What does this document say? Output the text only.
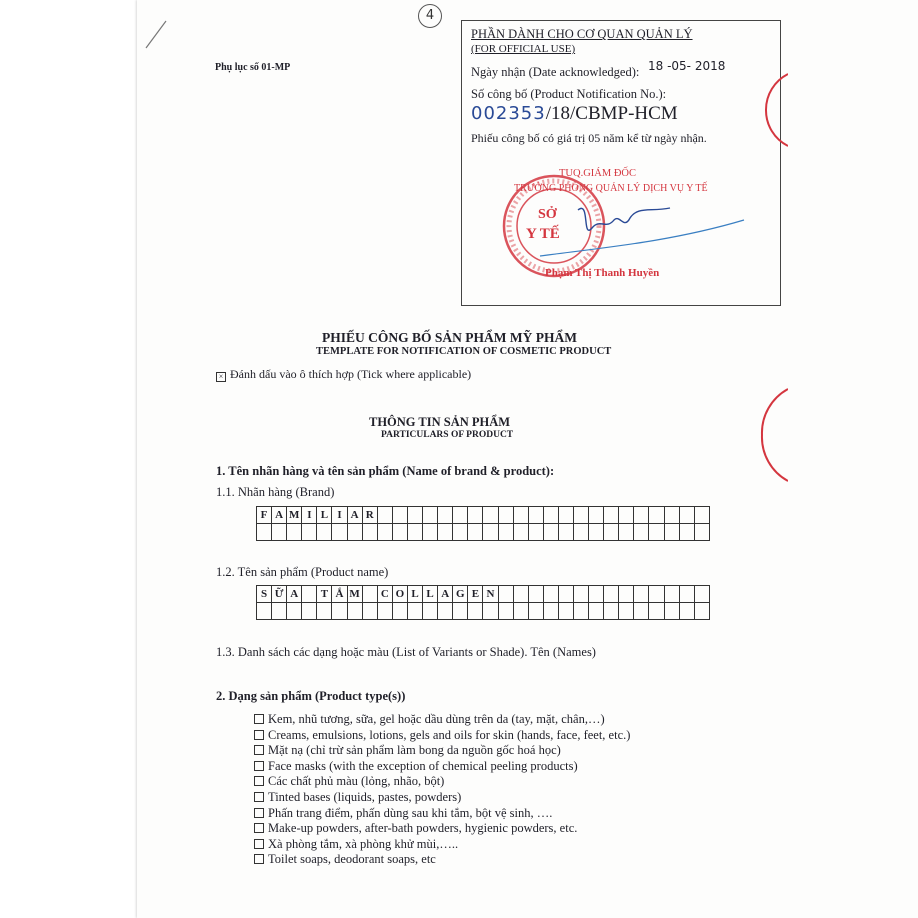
4
Phụ lục số 01-MP
PHẦN DÀNH CHO CƠ QUAN QUẢN LÝ
(FOR OFFICIAL USE)
Ngày nhận (Date acknowledged): 18 -05- 2018
Số công bố (Product Notification No.):
002353/18/CBMP-HCM
Phiếu công bố có giá trị 05 năm kể từ ngày nhận.
TUQ.GIÁM ĐỐC
TRƯỞNG PHÒNG QUẢN LÝ DỊCH VỤ Y TẾ
Phạm Thị Thanh Huyền
SỞ
Y TẾ
PHIẾU CÔNG BỐ SẢN PHẨM MỸ PHẨM
TEMPLATE FOR NOTIFICATION OF COSMETIC PRODUCT
× Đánh dấu vào ô thích hợp (Tick where applicable)
THÔNG TIN SẢN PHẨM
PARTICULARS OF PRODUCT
1. Tên nhãn hàng và tên sản phẩm (Name of brand & product):
1.1. Nhãn hàng (Brand)
F	A	M	I	L	I	A	R																						

1.2. Tên sản phẩm (Product name)
S	Ữ	A		T	Ắ	M		C	O	L	L	A	G	E	N														

1.3. Danh sách các dạng hoặc màu (List of Variants or Shade). Tên (Names)
2. Dạng sản phẩm (Product type(s))
Kem, nhũ tương, sữa, gel hoặc dầu dùng trên da (tay, mặt, chân,…)
Creams, emulsions, lotions, gels and oils for skin (hands, face, feet, etc.)
Mặt nạ (chỉ trừ sản phẩm làm bong da nguồn gốc hoá học)
Face masks (with the exception of chemical peeling products)
Các chất phủ màu (lỏng, nhão, bột)
Tinted bases (liquids, pastes, powders)
Phấn trang điểm, phấn dùng sau khi tắm, bột vệ sinh, ….
Make-up powders, after-bath powders, hygienic powders, etc.
Xà phòng tắm, xà phòng khử mùi,…..
Toilet soaps, deodorant soaps, etc
